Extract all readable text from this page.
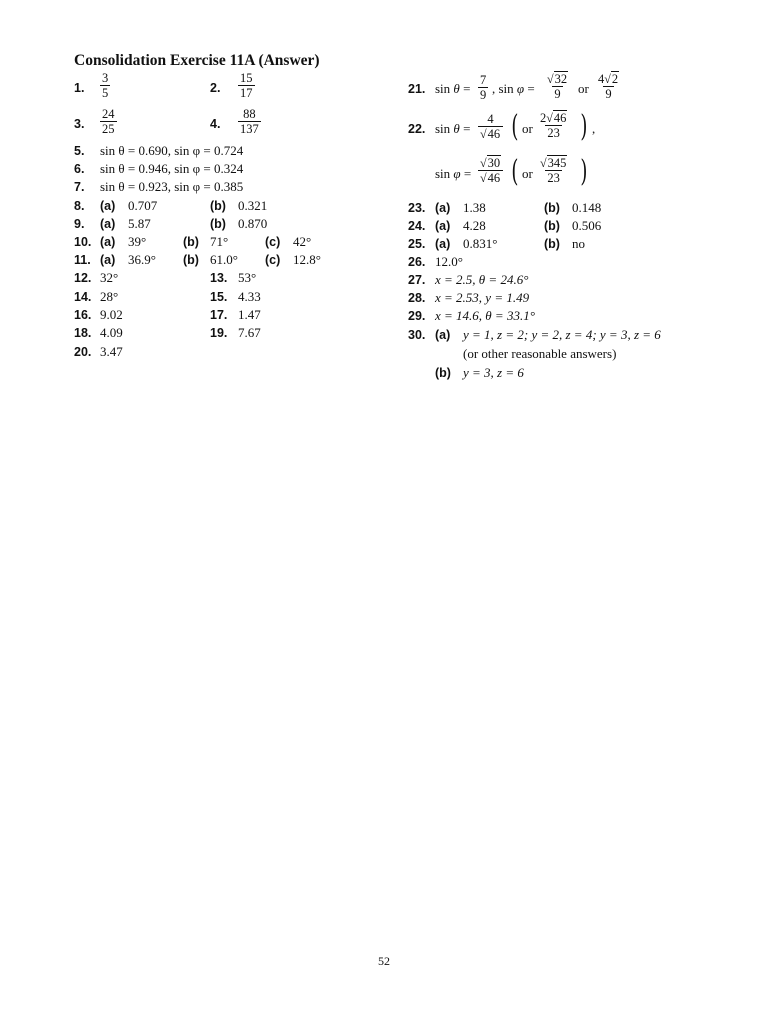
Consolidation Exercise 11A (Answer)
1. $\frac{3}{5}$	2. $\frac{15}{17}$
3. $\frac{24}{25}$	4. $\frac{88}{137}$
5. sin θ = 0.690, sin φ = 0.724
6. sin θ = 0.946, sin φ = 0.324
7. sin θ = 0.923, sin φ = 0.385
8. (a) 0.707	(b) 0.321
9. (a) 5.87	(b) 0.870
10. (a) 39°	(b) 71°	(c) 42°
11. (a) 36.9° (b) 61.0° (c) 12.8°
12. 32°	13. 53°
14. 28°	15. 4.33
16. 9.02	17. 1.47
18. 4.09	19. 7.67
20. 3.47
21. $\sin \theta = \frac{7}{9}$ , $\sin \varphi = \frac{√32}{9}$ or $\frac{4√2}{9}$
22. $\sin \theta = \frac{4}{√46}$ ( or $\frac{2√46}{23}$ ) ,
$\sin \varphi = \frac{√30}{√46}$ ( or $\frac{√345}{23}$ )
23. (a) 1.38	(b) 0.148
24. (a) 4.28	(b) 0.506
25. (a) 0.831°	(b) no
26. 12.0°
27. x = 2.5, θ = 24.6°
28. x = 2.53, y = 1.49
29. x = 14.6, θ = 33.1°
30. (a) y = 1, z = 2; y = 2, z = 4; y = 3, z = 6
(or other reasonable answers)
(b) y = 3, z = 6
52
